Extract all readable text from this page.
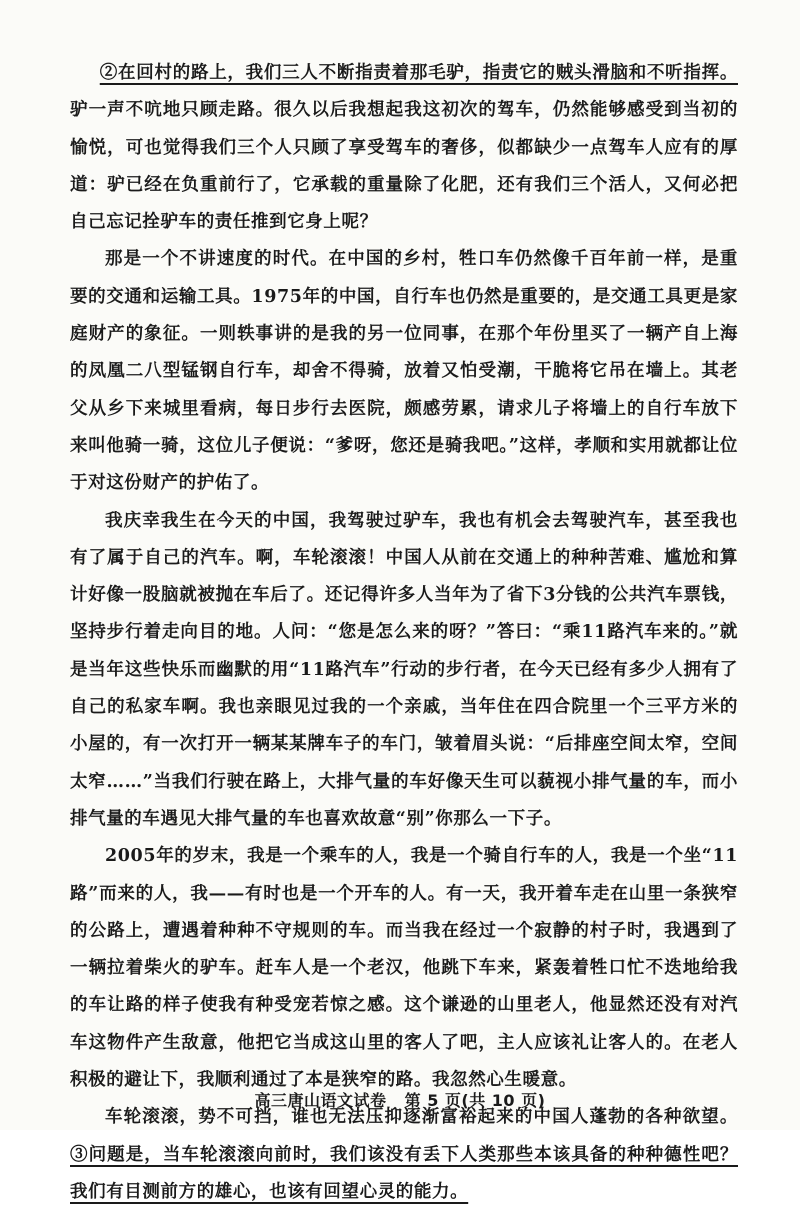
②在回村的路上，我们三人不断指责着那毛驴，指责它的贼头滑脑和不听指挥。驴一声不吭地只顾走路。很久以后我想起我这初次的驾车，仍然能够感受到当初的愉悦，可也觉得我们三个人只顾了享受驾车的奢侈，似都缺少一点驾车人应有的厚道：驴已经在负重前行了，它承载的重量除了化肥，还有我们三个活人，又何必把自己忘记拴驴车的责任推到它身上呢？

那是一个不讲速度的时代。在中国的乡村，牲口车仍然像千百年前一样，是重要的交通和运输工具。1975年的中国，自行车也仍然是重要的，是交通工具更是家庭财产的象征。一则轶事讲的是我的另一位同事，在那个年份里买了一辆产自上海的凤凰二八型锰钢自行车，却舍不得骑，放着又怕受潮，干脆将它吊在墙上。其老父从乡下来城里看病，每日步行去医院，颇感劳累，请求儿子将墙上的自行车放下来叫他骑一骑，这位儿子便说：“爹呀，您还是骑我吧。”这样，孝顺和实用就都让位于对这份财产的护佑了。

我庆幸我生在今天的中国，我驾驶过驴车，我也有机会去驾驶汽车，甚至我也有了属于自己的汽车。啊，车轮滚滚！中国人从前在交通上的种种苦难、尴尬和算计好像一股脑就被抛在车后了。还记得许多人当年为了省下3分钱的公共汽车票钱，坚持步行着走向目的地。人问：“您是怎么来的呀？”答曰：“乘11路汽车来的。”就是当年这些快乐而幽默的用“11路汽车”行动的步行者，在今天已经有多少人拥有了自己的私家车啊。我也亲眼见过我的一个亲戚，当年住在四合院里一个三平方米的小屋的，有一次打开一辆某某牌车子的车门，皱着眉头说：“后排座空间太窄，空间太窄……”当我们行驶在路上，大排气量的车好像天生可以藐视小排气量的车，而小排气量的车遇见大排气量的车也喜欢故意“别”你那么一下子。

2005年的岁末，我是一个乘车的人，我是一个骑自行车的人，我是一个坐“11路”而来的人，我——有时也是一个开车的人。有一天，我开着车走在山里一条狭窄的公路上，遭遇着种种不守规则的车。而当我在经过一个寂静的村子时，我遇到了一辆拉着柴火的驴车。赶车人是一个老汉，他跳下车来，紧轰着牲口忙不迭地给我的车让路的样子使我有种受宠若惊之感。这个谦逊的山里老人，他显然还没有对汽车这物件产生敌意，他把它当成这山里的客人了吧，主人应该礼让客人的。在老人积极的避让下，我顺利通过了本是狭窄的路。我忽然心生暖意。

车轮滚滚，势不可挡，谁也无法压抑逐渐富裕起来的中国人蓬勃的各种欲望。③问题是，当车轮滚滚向前时，我们该没有丢下人类那些本该具备的种种德性吧？我们有目测前方的雄心，也该有回望心灵的能力。

高三唐山语文试卷 第 5 页(共 10 页)
